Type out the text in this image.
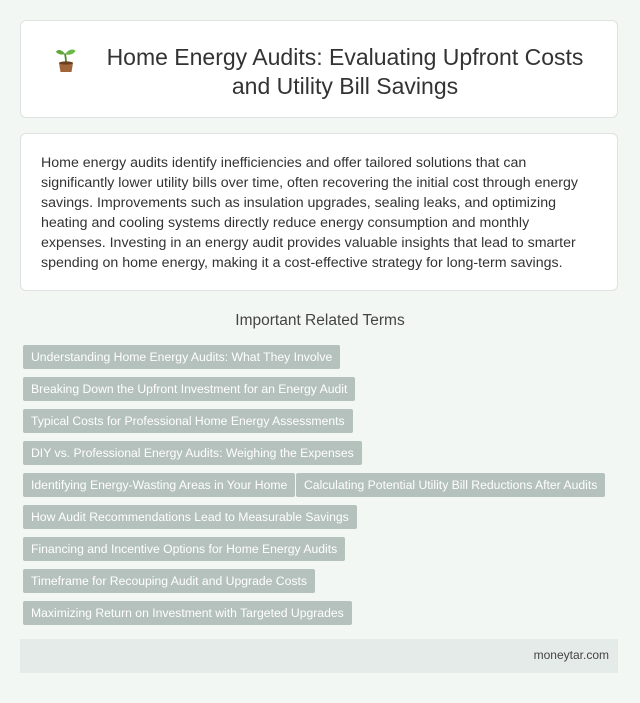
Home Energy Audits: Evaluating Upfront Costs and Utility Bill Savings

Home energy audits identify inefficiencies and offer tailored solutions that can significantly lower utility bills over time, often recovering the initial cost through energy savings. Improvements such as insulation upgrades, sealing leaks, and optimizing heating and cooling systems directly reduce energy consumption and monthly expenses. Investing in an energy audit provides valuable insights that lead to smarter spending on home energy, making it a cost-effective strategy for long-term savings.

Important Related Terms
Understanding Home Energy Audits: What They Involve
Breaking Down the Upfront Investment for an Energy Audit
Typical Costs for Professional Home Energy Assessments
DIY vs. Professional Energy Audits: Weighing the Expenses
Identifying Energy-Wasting Areas in Your Home	Calculating Potential Utility Bill Reductions After Audits
How Audit Recommendations Lead to Measurable Savings
Financing and Incentive Options for Home Energy Audits
Timeframe for Recouping Audit and Upgrade Costs
Maximizing Return on Investment with Targeted Upgrades
moneytar.com
